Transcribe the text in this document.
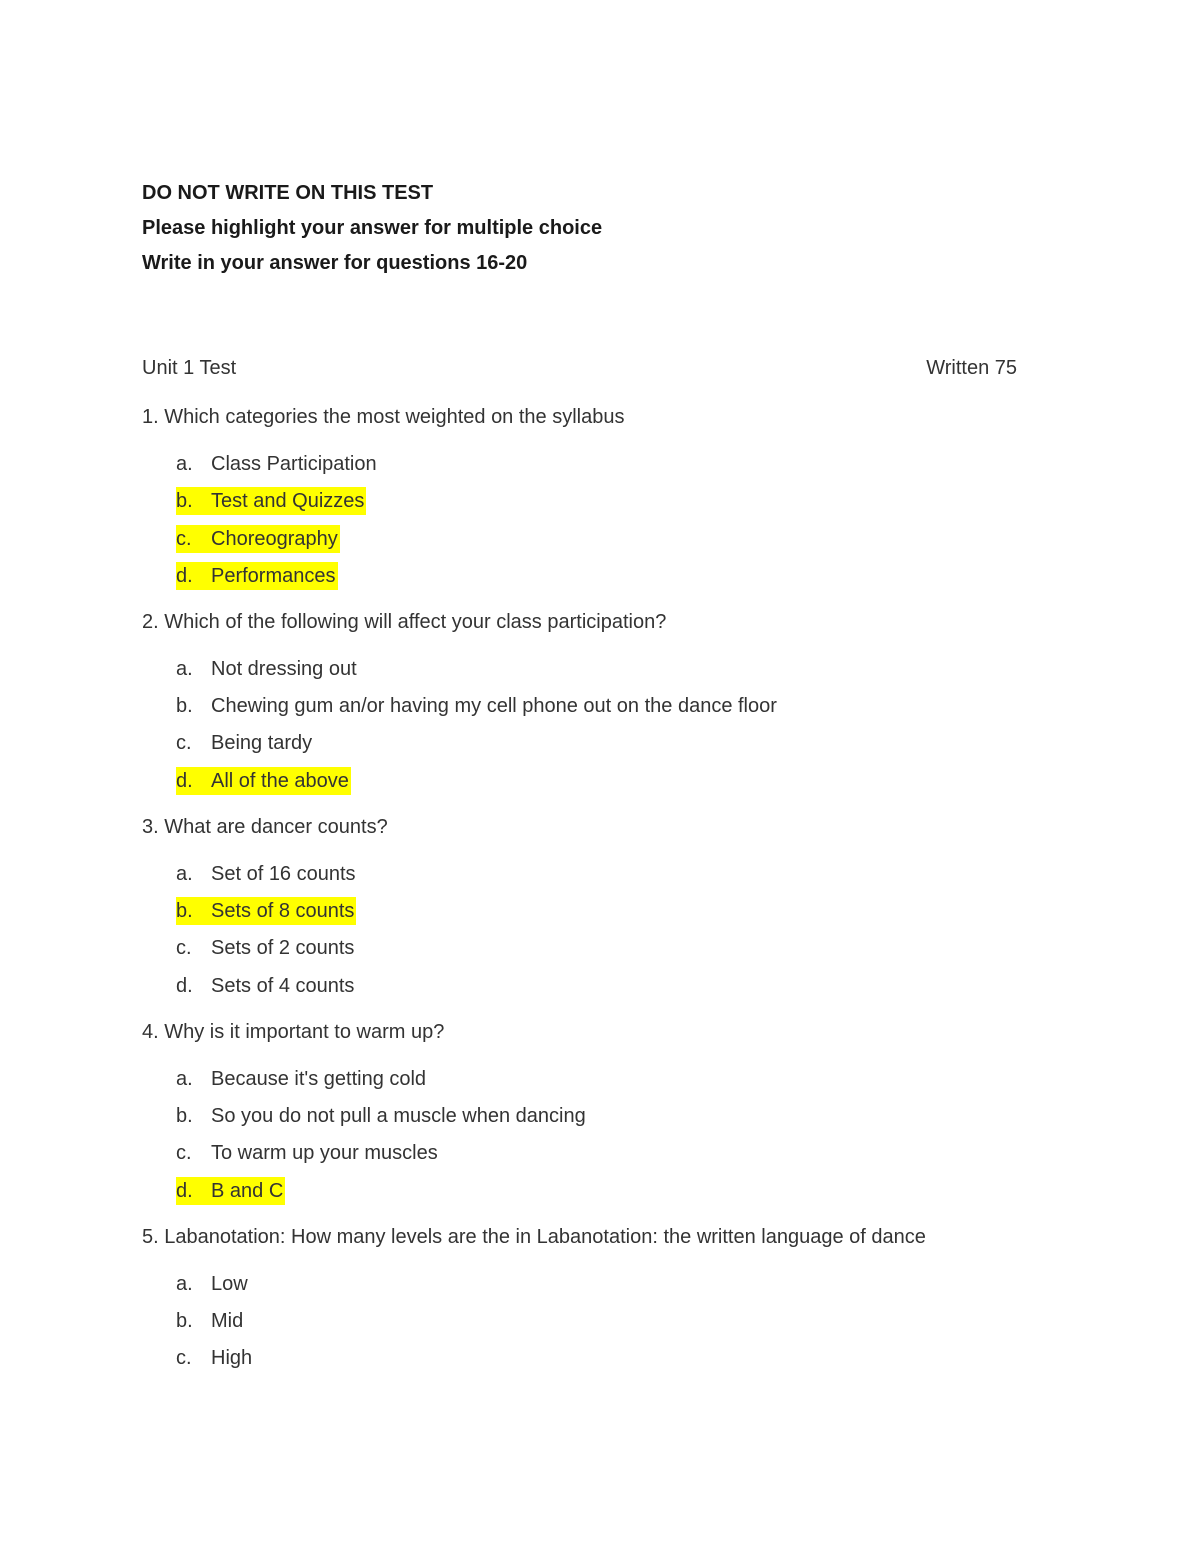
DO NOT WRITE ON THIS TEST

Please highlight your answer for multiple choice

Write in your answer for questions 16-20

Unit 1 Test	Written 75

1. Which categories the most weighted on the syllabus

a. Class Participation
b. Test and Quizzes
c. Choreography
d. Performances

2. Which of the following will affect your class participation?

a. Not dressing out
b. Chewing gum an/or having my cell phone out on the dance floor
c. Being tardy
d. All of the above

3. What are dancer counts?

a. Set of 16 counts
b. Sets of 8 counts
c. Sets of 2 counts
d. Sets of 4 counts

4. Why is it important to warm up?

a. Because it's getting cold
b. So you do not pull a muscle when dancing
c. To warm up your muscles
d. B and C

5. Labanotation: How many levels are the in Labanotation: the written language of dance

a. Low
b. Mid
c. High
